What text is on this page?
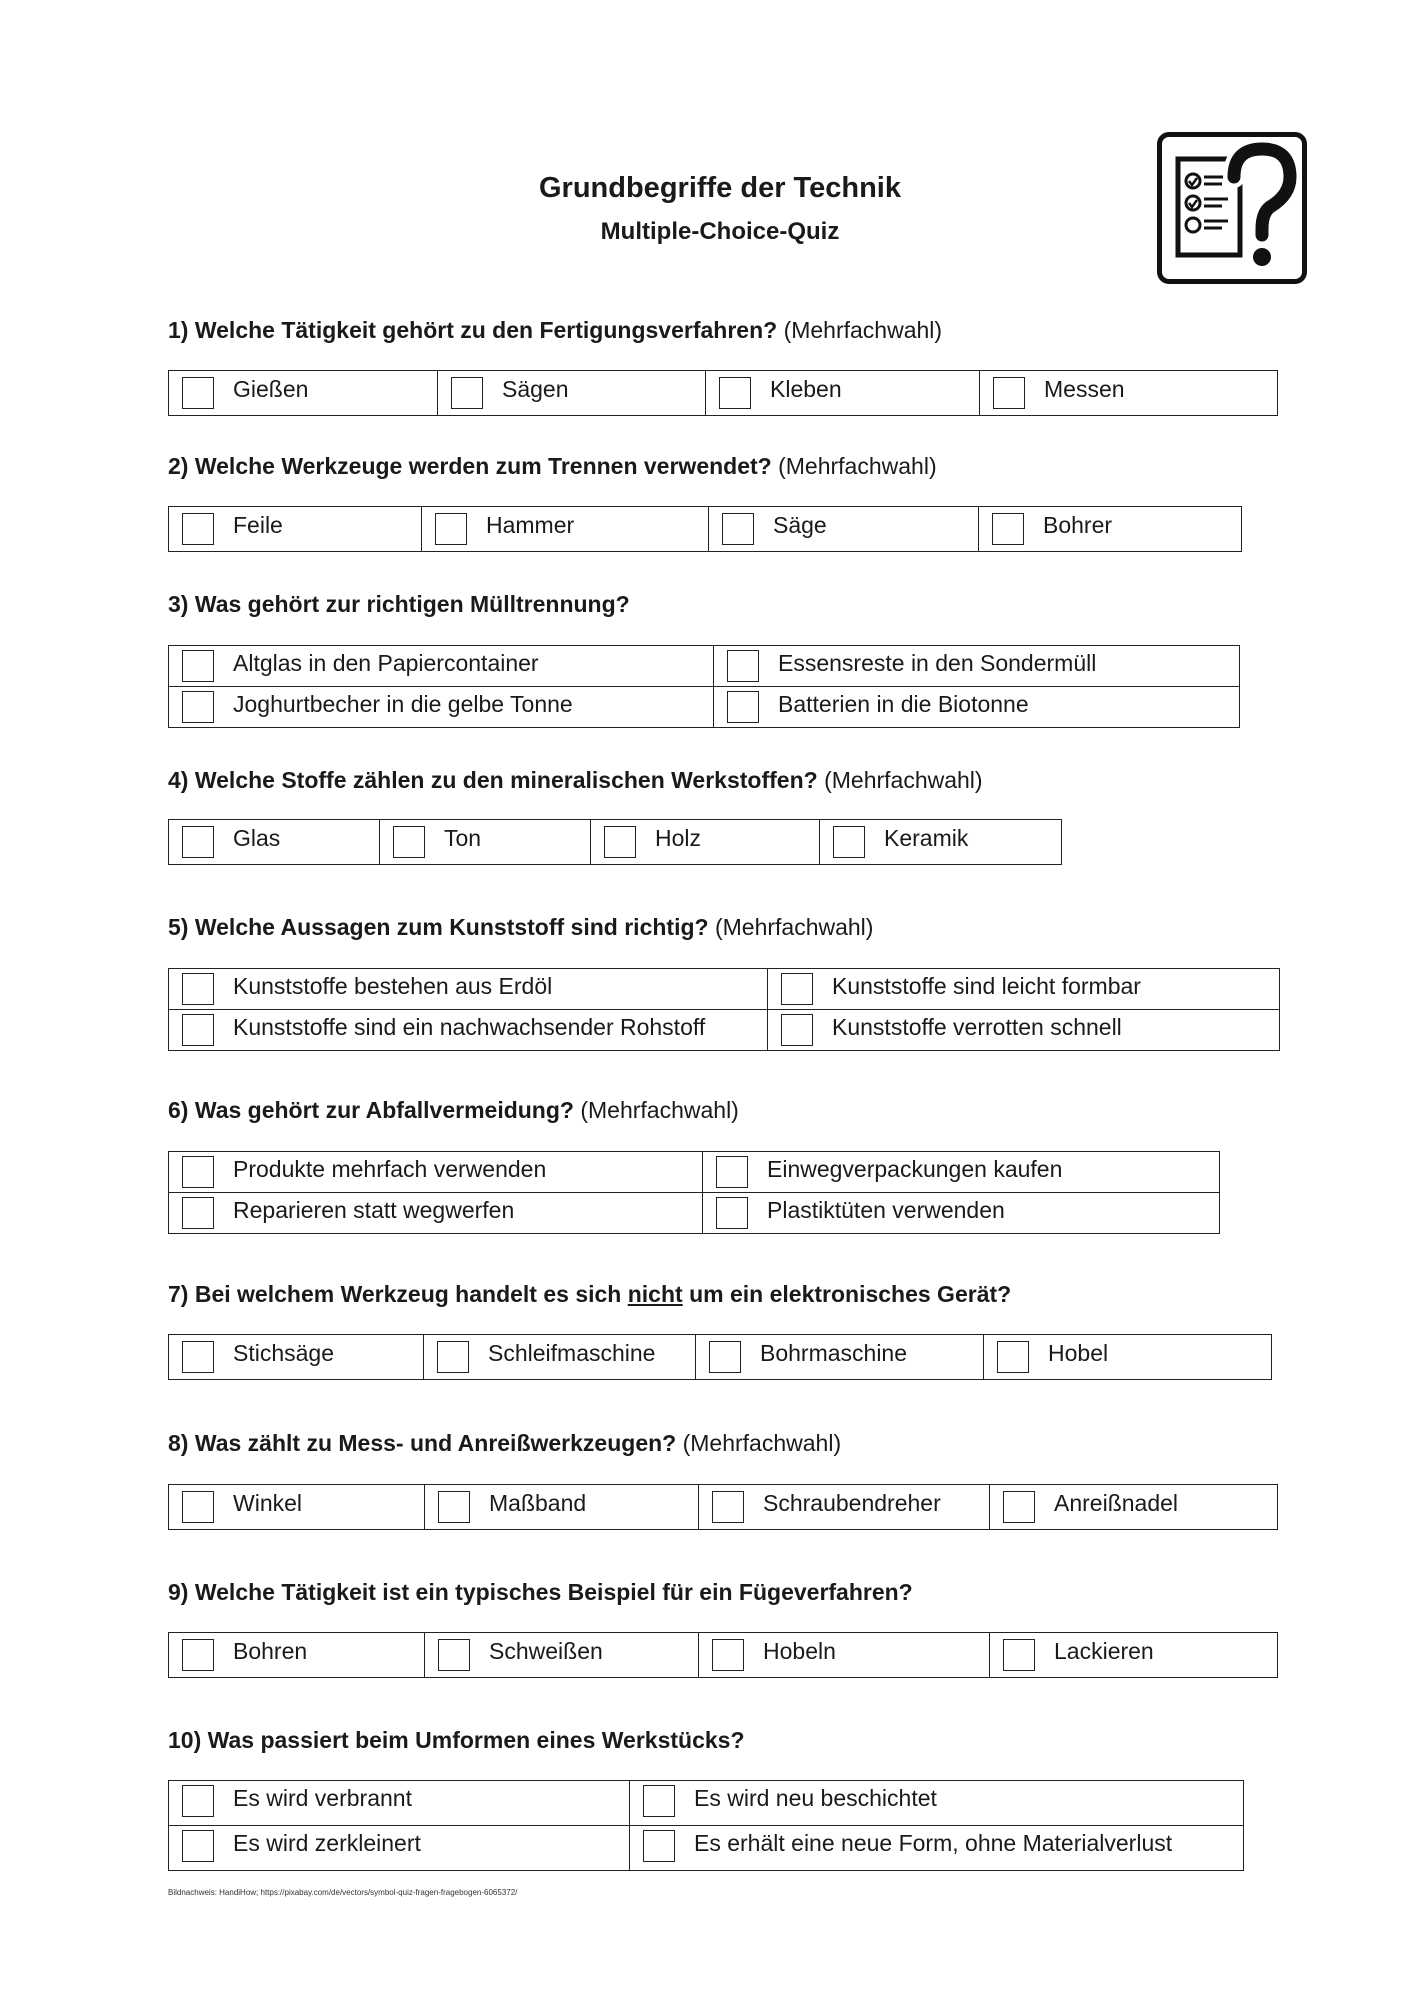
Grundbegriffe der Technik
Multiple-Choice-Quiz
1) Welche Tätigkeit gehört zu den Fertigungsverfahren? (Mehrfachwahl)
Gießen	Sägen	Kleben	Messen
2) Welche Werkzeuge werden zum Trennen verwendet? (Mehrfachwahl)
Feile	Hammer	Säge	Bohrer
3) Was gehört zur richtigen Mülltrennung?
Altglas in den Papiercontainer	Essensreste in den Sondermüll

Joghurtbecher in die gelbe Tonne	Batterien in die Biotonne
4) Welche Stoffe zählen zu den mineralischen Werkstoffen? (Mehrfachwahl)
Glas	Ton	Holz	Keramik
5) Welche Aussagen zum Kunststoff sind richtig? (Mehrfachwahl)
Kunststoffe bestehen aus Erdöl	Kunststoffe sind leicht formbar

Kunststoffe sind ein nachwachsender Rohstoff	Kunststoffe verrotten schnell
6) Was gehört zur Abfallvermeidung? (Mehrfachwahl)
Produkte mehrfach verwenden	Einwegverpackungen kaufen

Reparieren statt wegwerfen	Plastiktüten verwenden
7) Bei welchem Werkzeug handelt es sich nicht um ein elektronisches Gerät?
Stichsäge	Schleifmaschine	Bohrmaschine	Hobel
8) Was zählt zu Mess- und Anreißwerkzeugen? (Mehrfachwahl)
Winkel	Maßband	Schraubendreher	Anreißnadel
9) Welche Tätigkeit ist ein typisches Beispiel für ein Fügeverfahren?
Bohren	Schweißen	Hobeln	Lackieren
10) Was passiert beim Umformen eines Werkstücks?
Es wird verbrannt	Es wird neu beschichtet

Es wird zerkleinert	Es erhält eine neue Form, ohne Materialverlust
Bildnachweis: HandiHow; https://pixabay.com/de/vectors/symbol-quiz-fragen-fragebogen-6065372/
